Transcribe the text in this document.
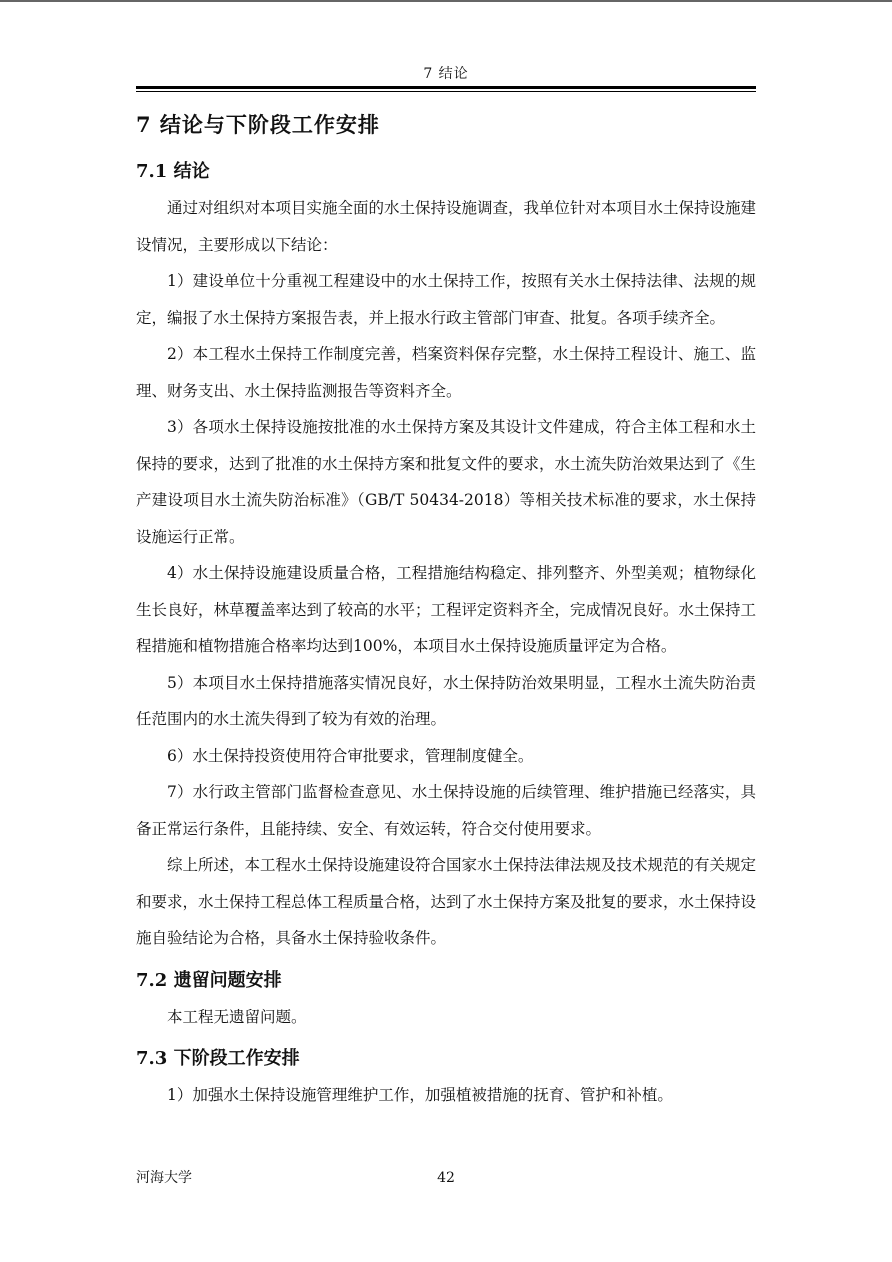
7 结论
7 结论与下阶段工作安排
7.1 结论

通过对组织对本项目实施全面的水土保持设施调查，我单位针对本项目水土保持设施建设情况，主要形成以下结论：

1）建设单位十分重视工程建设中的水土保持工作，按照有关水土保持法律、法规的规定，编报了水土保持方案报告表，并上报水行政主管部门审查、批复。各项手续齐全。

2）本工程水土保持工作制度完善，档案资料保存完整，水土保持工程设计、施工、监理、财务支出、水土保持监测报告等资料齐全。

3）各项水土保持设施按批准的水土保持方案及其设计文件建成，符合主体工程和水土保持的要求，达到了批准的水土保持方案和批复文件的要求，水土流失防治效果达到了《生产建设项目水土流失防治标准》（GB/T 50434-2018）等相关技术标准的要求，水土保持设施运行正常。

4）水土保持设施建设质量合格，工程措施结构稳定、排列整齐、外型美观；植物绿化生长良好，林草覆盖率达到了较高的水平；工程评定资料齐全，完成情况良好。水土保持工程措施和植物措施合格率均达到100%，本项目水土保持设施质量评定为合格。

5）本项目水土保持措施落实情况良好，水土保持防治效果明显，工程水土流失防治责任范围内的水土流失得到了较为有效的治理。

6）水土保持投资使用符合审批要求，管理制度健全。

7）水行政主管部门监督检查意见、水土保持设施的后续管理、维护措施已经落实，具备正常运行条件，且能持续、安全、有效运转，符合交付使用要求。

综上所述，本工程水土保持设施建设符合国家水土保持法律法规及技术规范的有关规定和要求，水土保持工程总体工程质量合格，达到了水土保持方案及批复的要求，水土保持设施自验结论为合格，具备水土保持验收条件。

7.2 遗留问题安排

本工程无遗留问题。

7.3 下阶段工作安排

1）加强水土保持设施管理维护工作，加强植被措施的抚育、管护和补植。

河海大学	42
